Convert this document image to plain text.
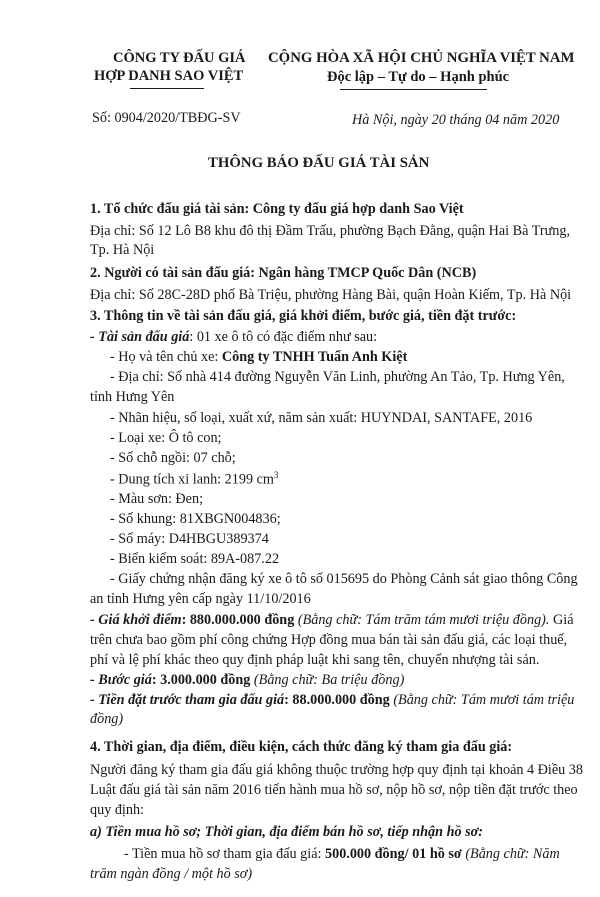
CÔNG TY ĐẤU GIÁ
HỢP DANH SAO VIỆT
Số: 0904/2020/TBĐG-SV
CỘNG HÒA XÃ HỘI CHỦ NGHĨA VIỆT NAM
Độc lập – Tự do – Hạnh phúc
Hà Nội, ngày 20 tháng 04 năm 2020
THÔNG BÁO ĐẤU GIÁ TÀI SẢN
1. Tổ chức đấu giá tài sản: Công ty đấu giá hợp danh Sao Việt
Địa chỉ: Số 12 Lô B8 khu đô thị Đầm Trấu, phường Bạch Đằng, quận Hai Bà Trưng,
Tp. Hà Nội
2. Người có tài sản đấu giá: Ngân hàng TMCP Quốc Dân (NCB)
Địa chỉ: Số 28C-28D phố Bà Triệu, phường Hàng Bài, quận Hoàn Kiếm, Tp. Hà Nội
3. Thông tin về tài sản đấu giá, giá khởi điểm, bước giá, tiền đặt trước:
- Tài sản đấu giá: 01 xe ô tô có đặc điểm như sau:
- Họ và tên chủ xe: Công ty TNHH Tuấn Anh Kiệt
- Địa chỉ: Số nhà 414 đường Nguyễn Văn Linh, phường An Tảo, Tp. Hưng Yên,
tỉnh Hưng Yên
- Nhãn hiệu, số loại, xuất xứ, năm sản xuất: HUYNDAI, SANTAFE, 2016
- Loại xe: Ô tô con;
- Số chỗ ngồi: 07 chỗ;
- Dung tích xi lanh: 2199 $cm^3$
- Màu sơn: Đen;
- Số khung: 81XBGN004836;
- Số máy: D4HBGU389374
- Biển kiểm soát: 89A-087.22
- Giấy chứng nhận đăng ký xe ô tô số 015695 do Phòng Cảnh sát giao thông Công
an tỉnh Hưng yên cấp ngày 11/10/2016
- Giá khởi điểm: 880.000.000 đồng (Bằng chữ: Tám trăm tám mươi triệu đồng). Giá
trên chưa bao gồm phí công chứng Hợp đồng mua bán tài sản đấu giá, các loại thuế,
phí và lệ phí khác theo quy định pháp luật khi sang tên, chuyển nhượng tài sản.
- Bước giá: 3.000.000 đồng (Bằng chữ: Ba triệu đồng)
- Tiền đặt trước tham gia đấu giá: 88.000.000 đồng (Bằng chữ: Tám mươi tám triệu
đồng)
4. Thời gian, địa điểm, điều kiện, cách thức đăng ký tham gia đấu giá:
Người đăng ký tham gia đấu giá không thuộc trường hợp quy định tại khoản 4 Điều 38
Luật đấu giá tài sản năm 2016 tiến hành mua hồ sơ, nộp hồ sơ, nộp tiền đặt trước theo
quy định:
a) Tiền mua hồ sơ; Thời gian, địa điểm bán hồ sơ, tiếp nhận hồ sơ:
- Tiền mua hồ sơ tham gia đấu giá: 500.000 đồng/ 01 hồ sơ (Bằng chữ: Năm
trăm ngàn đồng / một hồ sơ)
